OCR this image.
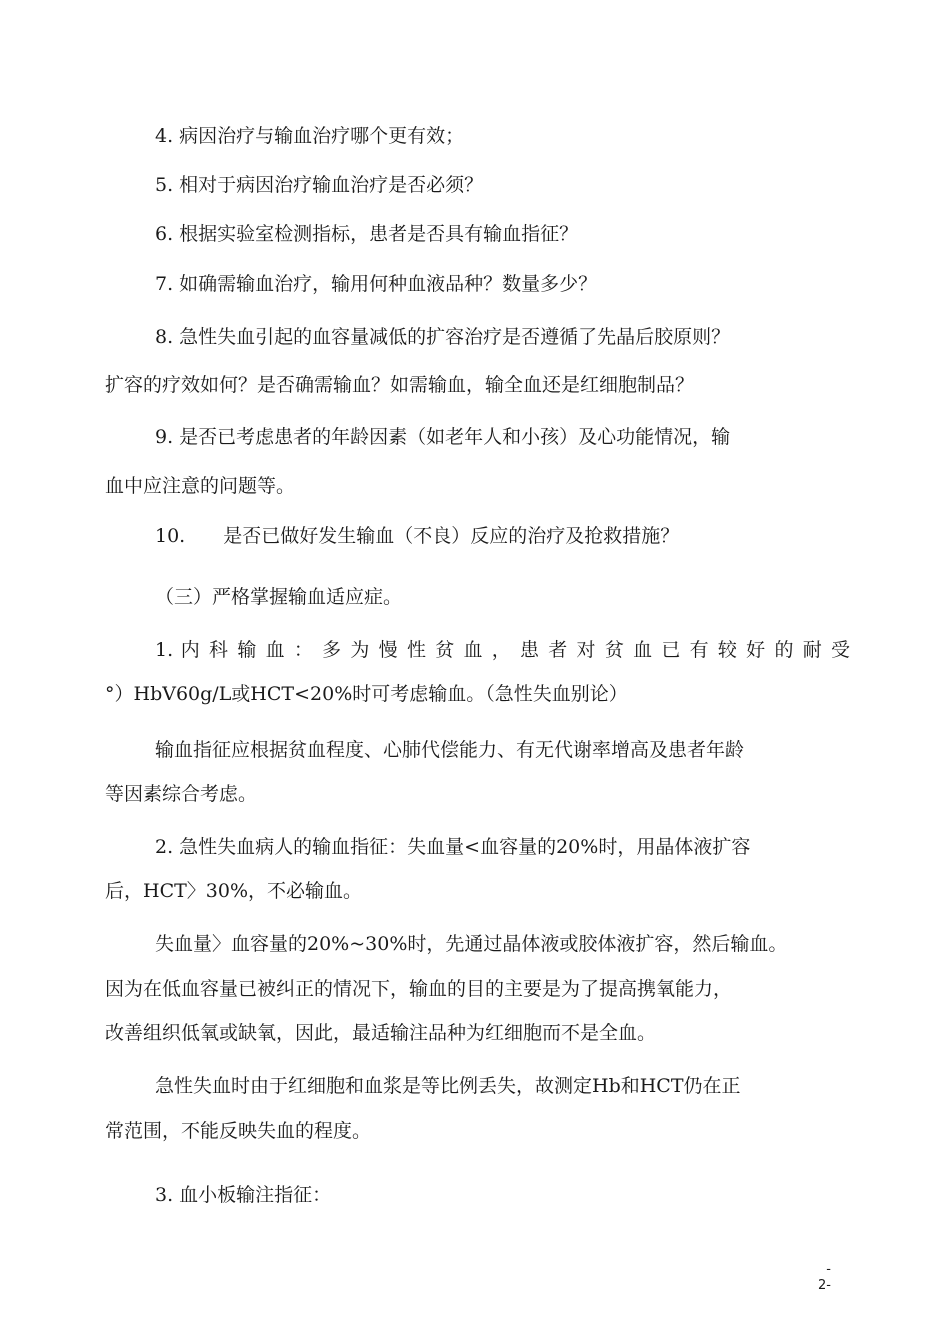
4. 病因治疗与输血治疗哪个更有效；
5. 相对于病因治疗输血治疗是否必须？
6. 根据实验室检测指标，患者是否具有输血指征？
7. 如确需输血治疗，输用何种血液品种？数量多少？
8. 急性失血引起的血容量减低的扩容治疗是否遵循了先晶后胶原则？
扩容的疗效如何？是否确需输血？如需输血，输全血还是红细胞制品？
9. 是否已考虑患者的年龄因素（如老年人和小孩）及心功能情况，输
血中应注意的问题等。
10.　　是否已做好发生输血（不良）反应的治疗及抢救措施？
（三）严格掌握输血适应症。
1. 内 科 输 血 ： 多 为 慢 性 贫 血 ， 患 者 对 贫 血 已 有 较 好 的 耐 受
°）HbV60g/L或HCT<20%时可考虑输血。（急性失血别论）
输血指征应根据贫血程度、心肺代偿能力、有无代谢率增高及患者年龄
等因素综合考虑。
2. 急性失血病人的输血指征：失血量<血容量的20%时，用晶体液扩容
后，HCT〉30%，不必输血。
失血量〉血容量的20%~30%时，先通过晶体液或胶体液扩容，然后输血。
因为在低血容量已被纠正的情况下，输血的目的主要是为了提高携氧能力，
改善组织低氧或缺氧，因此，最适输注品种为红细胞而不是全血。
急性失血时由于红细胞和血浆是等比例丢失，故测定Hb和HCT仍在正
常范围，不能反映失血的程度。
3. 血小板输注指征：
-
2-
